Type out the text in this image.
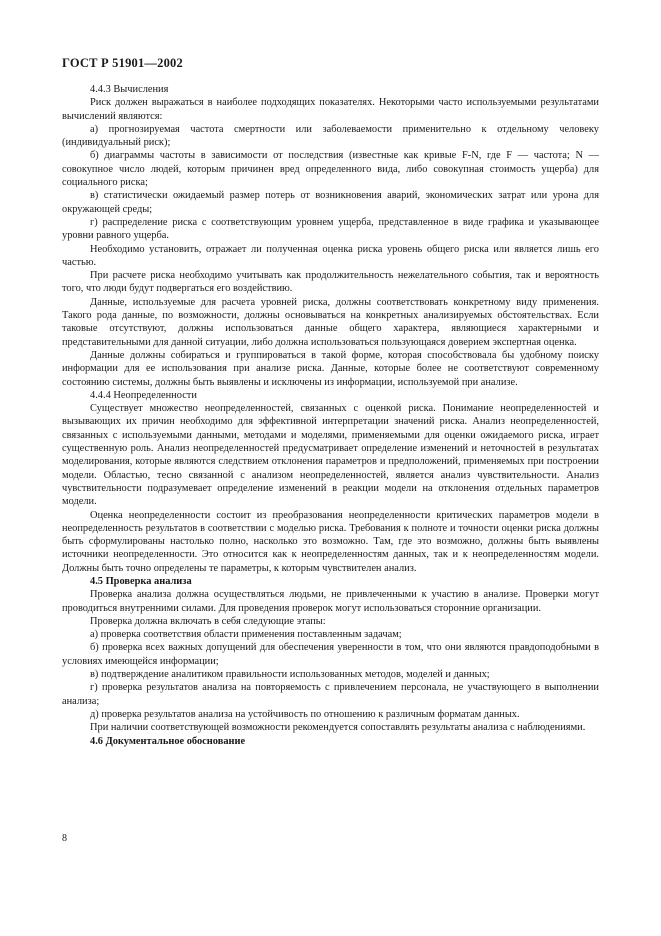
ГОСТ Р 51901—2002

4.4.3 Вычисления

Риск должен выражаться в наиболее подходящих показателях. Некоторыми часто используемыми результатами вычислений являются:

а) прогнозируемая частота смертности или заболеваемости применительно к отдельному человеку (индивидуальный риск);

б) диаграммы частоты в зависимости от последствия (известные как кривые F-N, где F — частота; N — совокупное число людей, которым причинен вред определенного вида, либо совокупная стоимость ущерба) для социального риска;

в) статистически ожидаемый размер потерь от возникновения аварий, экономических затрат или урона для окружающей среды;

г) распределение риска с соответствующим уровнем ущерба, представленное в виде графика и указывающее уровни равного ущерба.

Необходимо установить, отражает ли полученная оценка риска уровень общего риска или является лишь его частью.

При расчете риска необходимо учитывать как продолжительность нежелательного события, так и вероятность того, что люди будут подвергаться его воздействию.

Данные, используемые для расчета уровней риска, должны соответствовать конкретному виду применения. Такого рода данные, по возможности, должны основываться на конкретных анализируемых обстоятельствах. Если таковые отсутствуют, должны использоваться данные общего характера, являющиеся характерными и представительными для данной ситуации, либо должна использоваться пользующаяся доверием экспертная оценка.

Данные должны собираться и группироваться в такой форме, которая способствовала бы удобному поиску информации для ее использования при анализе риска. Данные, которые более не соответствуют современному состоянию системы, должны быть выявлены и исключены из информации, используемой при анализе.

4.4.4 Неопределенности

Существует множество неопределенностей, связанных с оценкой риска. Понимание неопределенностей и вызывающих их причин необходимо для эффективной интерпретации значений риска. Анализ неопределенностей, связанных с используемыми данными, методами и моделями, применяемыми для оценки ожидаемого риска, играет существенную роль. Анализ неопределенностей предусматривает определение изменений и неточностей в результатах моделирования, которые являются следствием отклонения параметров и предположений, применяемых при построении модели. Областью, тесно связанной с анализом неопределенностей, является анализ чувствительности. Анализ чувствительности подразумевает определение изменений в реакции модели на отклонения отдельных параметров модели.

Оценка неопределенности состоит из преобразования неопределенности критических параметров модели в неопределенность результатов в соответствии с моделью риска. Требования к полноте и точности оценки риска должны быть сформулированы настолько полно, насколько это возможно. Там, где это возможно, должны быть выявлены источники неопределенности. Это относится как к неопределенностям данных, так и к неопределенностям модели. Должны быть точно определены те параметры, к которым чувствителен анализ.

4.5 Проверка анализа

Проверка анализа должна осуществляться людьми, не привлеченными к участию в анализе. Проверки могут проводиться внутренними силами. Для проведения проверок могут использоваться сторонние организации.

Проверка должна включать в себя следующие этапы:

а) проверка соответствия области применения поставленным задачам;

б) проверка всех важных допущений для обеспечения уверенности в том, что они являются правдоподобными в условиях имеющейся информации;

в) подтверждение аналитиком правильности использованных методов, моделей и данных;

г) проверка результатов анализа на повторяемость с привлечением персонала, не участвующего в выполнении анализа;

д) проверка результатов анализа на устойчивость по отношению к различным форматам данных.

При наличии соответствующей возможности рекомендуется сопоставлять результаты анализа с наблюдениями.

4.6 Документальное обоснование

8
